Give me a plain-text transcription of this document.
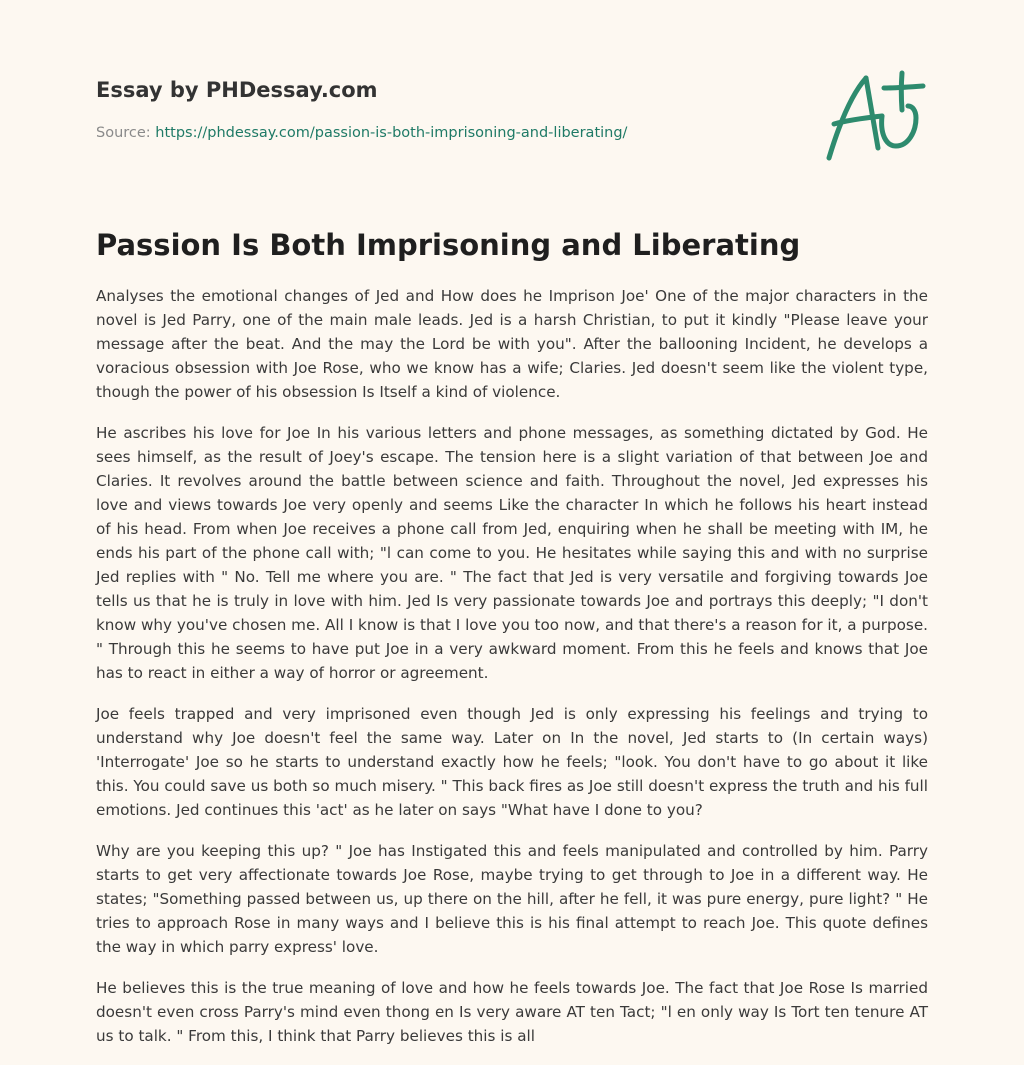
Essay by PHDessay.com
Source: https://phdessay.com/passion-is-both-imprisoning-and-liberating/
Passion Is Both Imprisoning and Liberating

Analyses the emotional changes of Jed and How does he Imprison Joe' One of the major characters in the novel is Jed Parry, one of the main male leads. Jed is a harsh Christian, to put it kindly "Please leave your message after the beat. And the may the Lord be with you". After the ballooning Incident, he develops a voracious obsession with Joe Rose, who we know has a wife; Claries. Jed doesn't seem like the violent type, though the power of his obsession Is Itself a kind of violence.

He ascribes his love for Joe In his various letters and phone messages, as something dictated by God. He sees himself, as the result of Joey's escape. The tension here is a slight variation of that between Joe and Claries. It revolves around the battle between science and faith. Throughout the novel, Jed expresses his love and views towards Joe very openly and seems Like the character In which he follows his heart instead of his head. From when Joe receives a phone call from Jed, enquiring when he shall be meeting with IM, he ends his part of the phone call with; "l can come to you. He hesitates while saying this and with no surprise Jed replies with " No. Tell me where you are. " The fact that Jed is very versatile and forgiving towards Joe tells us that he is truly in love with him. Jed Is very passionate towards Joe and portrays this deeply; "I don't know why you've chosen me. All I know is that I love you too now, and that there's a reason for it, a purpose. " Through this he seems to have put Joe in a very awkward moment. From this he feels and knows that Joe has to react in either a way of horror or agreement.

Joe feels trapped and very imprisoned even though Jed is only expressing his feelings and trying to understand why Joe doesn't feel the same way. Later on In the novel, Jed starts to (In certain ways) 'Interrogate' Joe so he starts to understand exactly how he feels; "look. You don't have to go about it like this. You could save us both so much misery. " This back fires as Joe still doesn't express the truth and his full emotions. Jed continues this 'act' as he later on says "What have I done to you?

Why are you keeping this up? " Joe has Instigated this and feels manipulated and controlled by him. Parry starts to get very affectionate towards Joe Rose, maybe trying to get through to Joe in a different way. He states; "Something passed between us, up there on the hill, after he fell, it was pure energy, pure light? " He tries to approach Rose in many ways and I believe this is his final attempt to reach Joe. This quote defines the way in which parry express' love.

He believes this is the true meaning of love and how he feels towards Joe. The fact that Joe Rose Is married doesn't even cross Parry's mind even thong en Is very aware AT ten Tact; "l en only way Is Tort ten tenure AT us to talk. " From this, I think that Parry believes this is all
